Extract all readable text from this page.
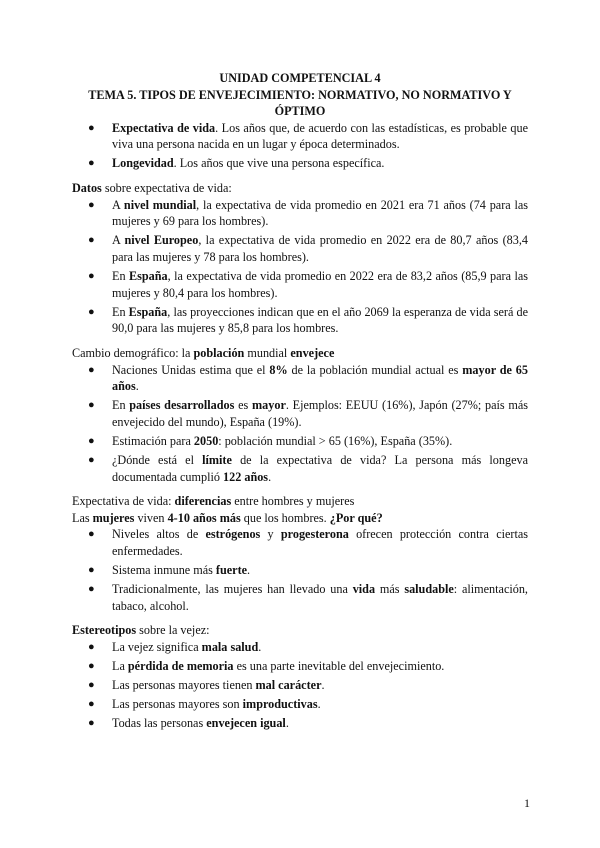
UNIDAD COMPETENCIAL 4

TEMA 5. TIPOS DE ENVEJECIMIENTO: NORMATIVO, NO NORMATIVO Y

ÓPTIMO

● Expectativa de vida. Los años que, de acuerdo con las estadísticas, es probable que viva una persona nacida en un lugar y época determinados.
● Longevidad. Los años que vive una persona específica.

Datos sobre expectativa de vida:

● A nivel mundial, la expectativa de vida promedio en 2021 era 71 años (74 para las mujeres y 69 para los hombres).
● A nivel Europeo, la expectativa de vida promedio en 2022 era de 80,7 años (83,4 para las mujeres y 78 para los hombres).
● En España, la expectativa de vida promedio en 2022 era de 83,2 años (85,9 para las mujeres y 80,4 para los hombres).
● En España, las proyecciones indican que en el año 2069 la esperanza de vida será de 90,0 para las mujeres y 85,8 para los hombres.

Cambio demográfico: la población mundial envejece

● Naciones Unidas estima que el 8% de la población mundial actual es mayor de 65 años.
● En países desarrollados es mayor. Ejemplos: EEUU (16%), Japón (27%; país más envejecido del mundo), España (19%).
● Estimación para 2050: población mundial > 65 (16%), España (35%).
● ¿Dónde está el límite de la expectativa de vida? La persona más longeva documentada cumplió 122 años.

Expectativa de vida: diferencias entre hombres y mujeres

Las mujeres viven 4-10 años más que los hombres. ¿Por qué?

● Niveles altos de estrógenos y progesterona ofrecen protección contra ciertas enfermedades.
● Sistema inmune más fuerte.
● Tradicionalmente, las mujeres han llevado una vida más saludable: alimentación, tabaco, alcohol.

Estereotipos sobre la vejez:

● La vejez significa mala salud.
● La pérdida de memoria es una parte inevitable del envejecimiento.
● Las personas mayores tienen mal carácter.
● Las personas mayores son improductivas.
● Todas las personas envejecen igual.
1
